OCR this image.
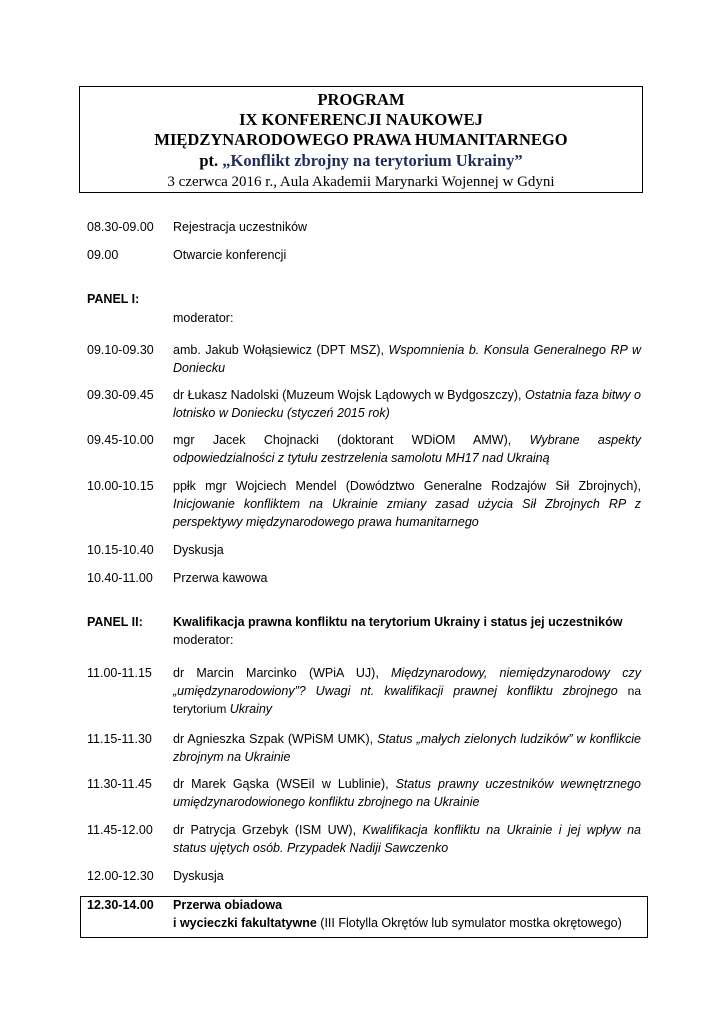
PROGRAM
IX KONFERENCJI NAUKOWEJ
MIĘDZYNARODOWEGO PRAWA HUMANITARNEGO
pt. „Konflikt zbrojny na terytorium Ukrainy”
3 czerwca 2016 r., Aula Akademii Marynarki Wojennej w Gdyni
08.30-09.00	Rejestracja uczestników
09.00	Otwarcie konferencji
PANEL I:
moderator:
09.10-09.30	amb. Jakub Wołąsiewicz (DPT MSZ), Wspomnienia b. Konsula Generalnego RP w Doniecku
09.30-09.45	dr Łukasz Nadolski (Muzeum Wojsk Lądowych w Bydgoszczy), Ostatnia faza bitwy o lotnisko w Doniecku (styczeń 2015 rok)
09.45-10.00	mgr Jacek Chojnacki (doktorant WDiOM AMW), Wybrane aspekty odpowiedzialności z tytułu zestrzelenia samolotu MH17 nad Ukrainą
10.00-10.15	ppłk mgr Wojciech Mendel (Dowództwo Generalne Rodzajów Sił Zbrojnych), Inicjowanie konfliktem na Ukrainie zmiany zasad użycia Sił Zbrojnych RP z perspektywy międzynarodowego prawa humanitarnego
10.15-10.40	Dyskusja
10.40-11.00	Przerwa kawowa
PANEL II:	Kwalifikacja prawna konfliktu na terytorium Ukrainy i status jej uczestników
moderator:
11.00-11.15	dr Marcin Marcinko (WPiA UJ), Międzynarodowy, niemiędzynarodowy czy „umiędzynarodowiony”? Uwagi nt. kwalifikacji prawnej konfliktu zbrojnego na terytorium Ukrainy
11.15-11.30	dr Agnieszka Szpak (WPiSM UMK), Status „małych zielonych ludzików” w konflikcie zbrojnym na Ukrainie
11.30-11.45	dr Marek Gąska (WSEiI w Lublinie), Status prawny uczestników wewnętrznego umiędzynarodowionego konfliktu zbrojnego na Ukrainie
11.45-12.00	dr Patrycja Grzebyk (ISM UW), Kwalifikacja konfliktu na Ukrainie i jej wpływ na status ujętych osób. Przypadek Nadiji Sawczenko
12.00-12.30	Dyskusja
12.30-14.00	Przerwa obiadowa
i wycieczki fakultatywne (III Flotylla Okrętów lub symulator mostka okrętowego)
